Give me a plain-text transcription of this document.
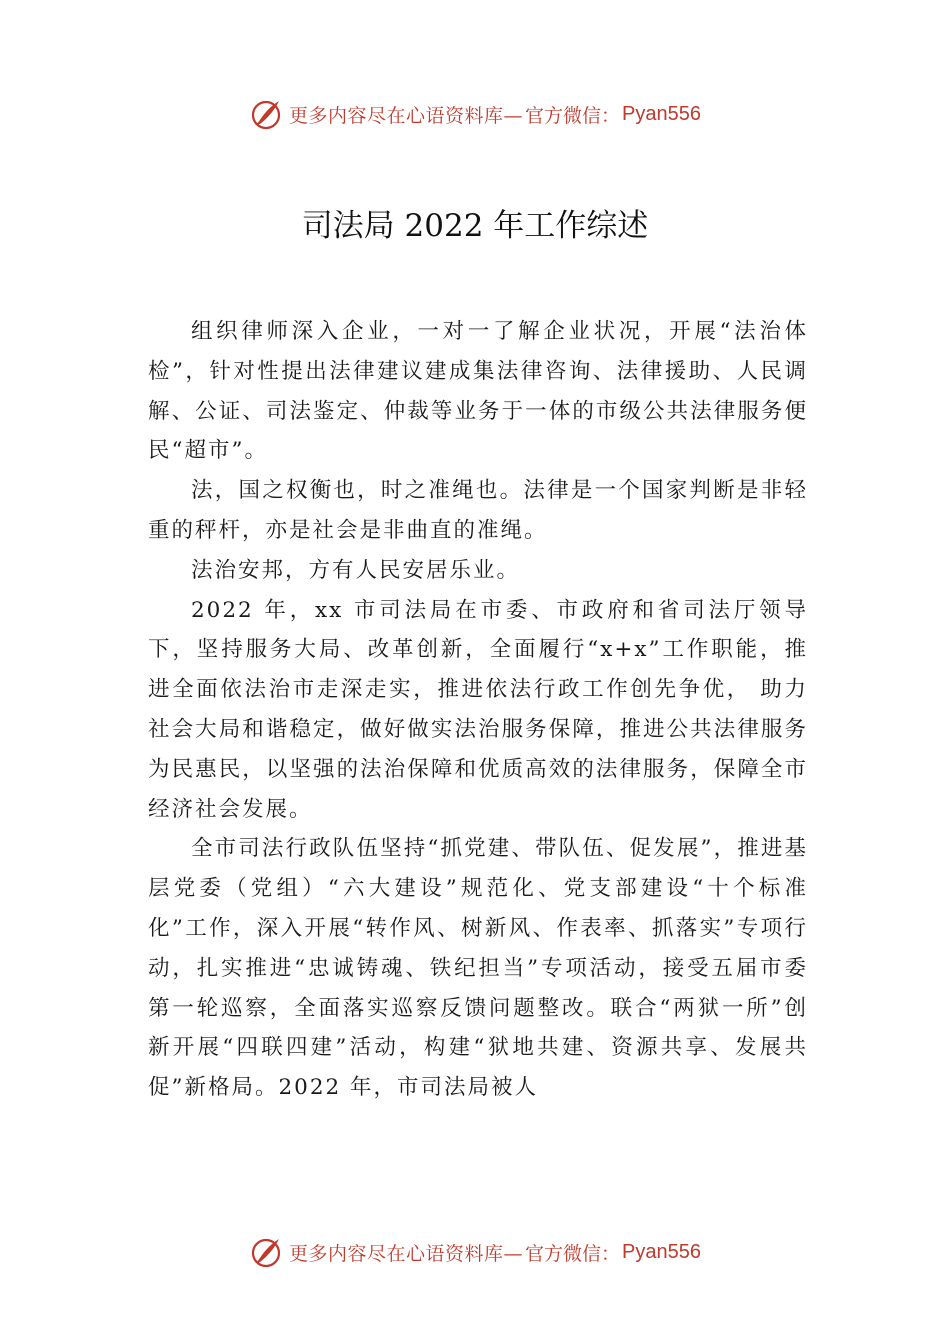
更多内容尽在心语资料库— 官方微信： Pyan556
司法局 2022 年工作综述

组织律师深入企业，一对一了解企业状况，开展“法治体检”，针对性提出法律建议建成集法律咨询、法律援助、人民调解、公证、司法鉴定、仲裁等业务于一体的市级公共法律服务便民“超市”。

法，国之权衡也，时之准绳也。法律是一个国家判断是非轻重的秤杆，亦是社会是非曲直的准绳。

法治安邦，方有人民安居乐业。

2022 年，xx 市司法局在市委、市政府和省司法厅领导下，坚持服务大局、改革创新，全面履行“x+x”工作职能，推进全面依法治市走深走实，推进依法行政工作创先争优， 助力社会大局和谐稳定，做好做实法治服务保障，推进公共法律服务为民惠民，以坚强的法治保障和优质高效的法律服务，保障全市经济社会发展。

全市司法行政队伍坚持“抓党建、带队伍、促发展”，推进基层党委（党组）“六大建设”规范化、党支部建设“十个标准化”工作，深入开展“转作风、树新风、作表率、抓落实”专项行动，扎实推进“忠诚铸魂、铁纪担当”专项活动，接受五届市委第一轮巡察，全面落实巡察反馈问题整改。联合“两狱一所”创新开展“四联四建”活动，构建“狱地共建、资源共享、发展共促”新格局。2022 年，市司法局被人

更多内容尽在心语资料库— 官方微信： Pyan556
